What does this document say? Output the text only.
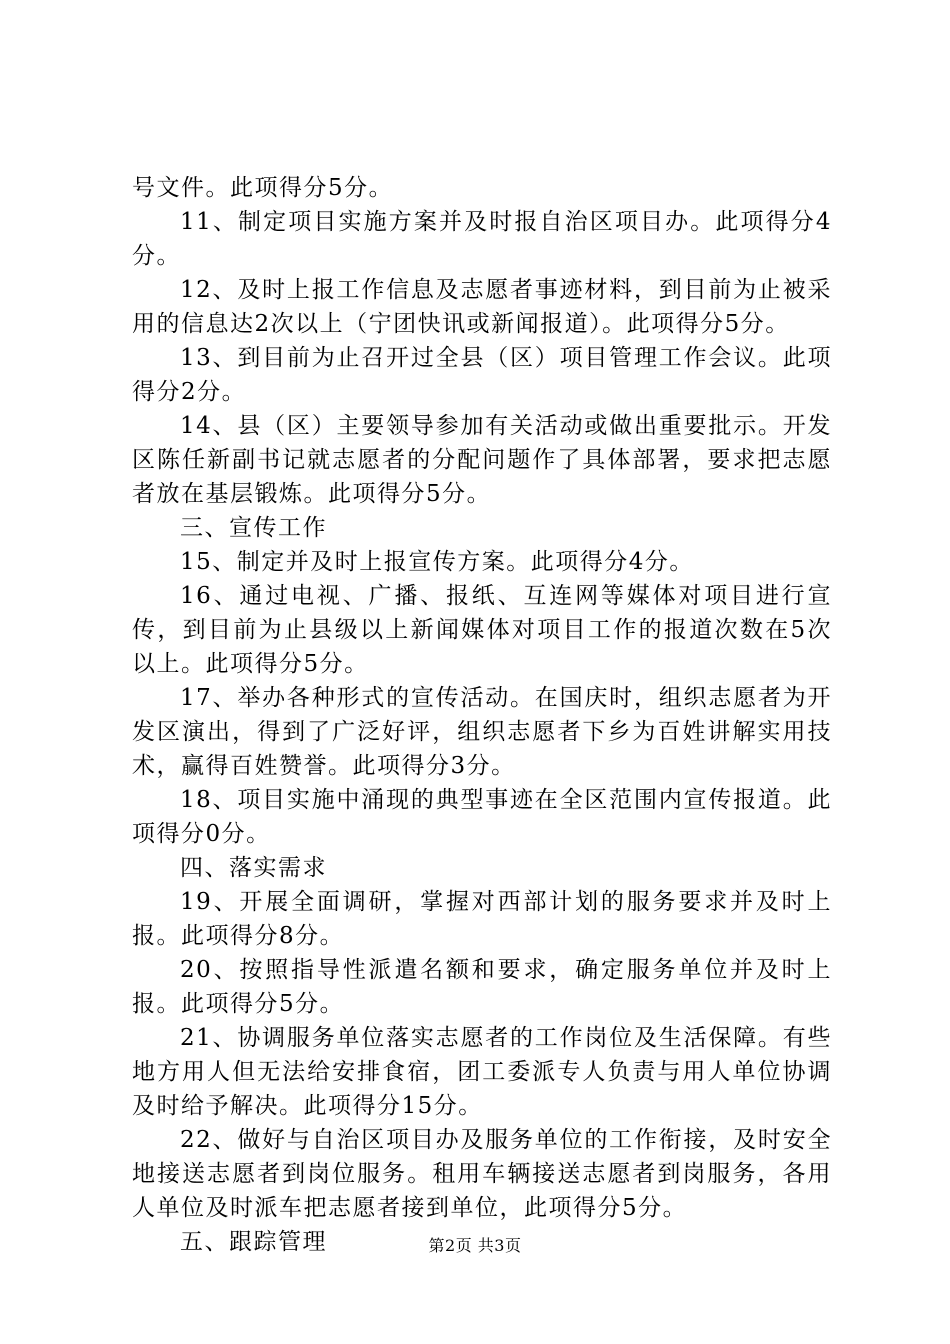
号文件。此项得分5分。

11、制定项目实施方案并及时报自治区项目办。此项得分4分。

12、及时上报工作信息及志愿者事迹材料，到目前为止被采用的信息达2次以上（宁团快讯或新闻报道）。此项得分5分。

13、到目前为止召开过全县（区）项目管理工作会议。此项得分2分。

14、县（区）主要领导参加有关活动或做出重要批示。开发区陈任新副书记就志愿者的分配问题作了具体部署，要求把志愿者放在基层锻炼。此项得分5分。

三、宣传工作

15、制定并及时上报宣传方案。此项得分4分。

16、通过电视、广播、报纸、互连网等媒体对项目进行宣传，到目前为止县级以上新闻媒体对项目工作的报道次数在5次以上。此项得分5分。

17、举办各种形式的宣传活动。在国庆时，组织志愿者为开发区演出，得到了广泛好评，组织志愿者下乡为百姓讲解实用技术，赢得百姓赞誉。此项得分3分。

18、项目实施中涌现的典型事迹在全区范围内宣传报道。此项得分0分。

四、落实需求

19、开展全面调研，掌握对西部计划的服务要求并及时上报。此项得分8分。

20、按照指导性派遣名额和要求，确定服务单位并及时上报。此项得分5分。

21、协调服务单位落实志愿者的工作岗位及生活保障。有些地方用人但无法给安排食宿，团工委派专人负责与用人单位协调及时给予解决。此项得分15分。

22、做好与自治区项目办及服务单位的工作衔接，及时安全地接送志愿者到岗位服务。租用车辆接送志愿者到岗服务，各用人单位及时派车把志愿者接到单位，此项得分5分。

五、跟踪管理	第2页 共3页
